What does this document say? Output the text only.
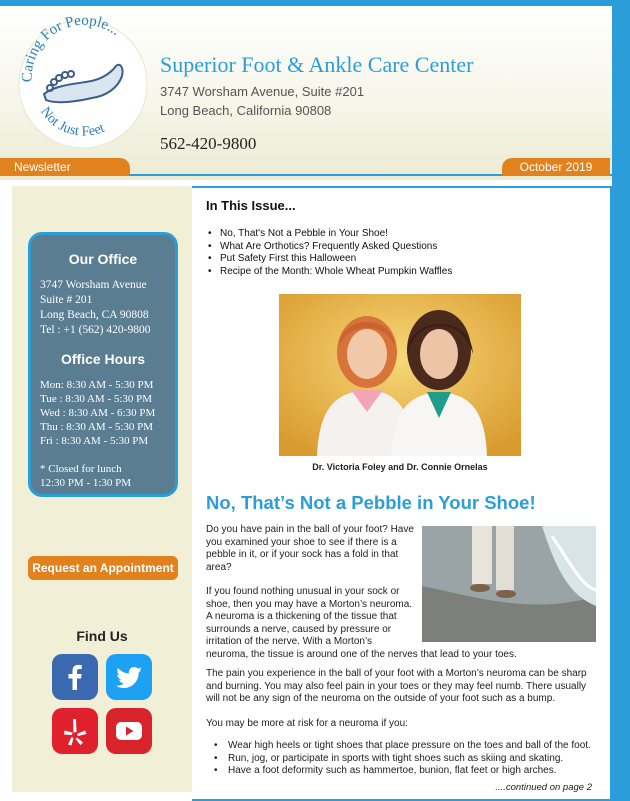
Caring For People...
Not Just Feet
Superior Foot & Ankle Care Center
3747 Worsham Avenue, Suite #201
Long Beach, California 90808
562-420-9800
Newsletter	October 2019
Our Office
3747 Worsham Avenue
Suite # 201
Long Beach, CA 90808
Tel : +1 (562) 420-9800
Office Hours
Mon: 8:30 AM - 5:30 PM
Tue : 8:30 AM - 5:30 PM
Wed : 8:30 AM - 6:30 PM
Thu : 8:30 AM - 5:30 PM
Fri : 8:30 AM - 5:30 PM
* Closed for lunch
12:30 PM - 1:30 PM
Request an Appointment
Find Us
In This Issue...
• No, That's Not a Pebble in Your Shoe!
• What Are Orthotics? Frequently Asked Questions
• Put Safety First this Halloween
• Recipe of the Month: Whole Wheat Pumpkin Waffles
Dr. Victoria Foley and Dr. Connie Ornelas
No, That’s Not a Pebble in Your Shoe!
Do you have pain in the ball of your foot? Have
you examined your shoe to see if there is a
pebble in it, or if your sock has a fold in that
area?
If you found nothing unusual in your sock or
shoe, then you may have a Morton’s neuroma.
A neuroma is a thickening of the tissue that
surrounds a nerve, caused by pressure or
irritation of the nerve. With a Morton’s
neuroma, the tissue is around one of the nerves that lead to your toes.
The pain you experience in the ball of your foot with a Morton’s neuroma can be sharp
and burning. You may also feel pain in your toes or they may feel numb. There usually
will not be any sign of the neuroma on the outside of your foot such as a bump.
You may be more at risk for a neuroma if you:
• Wear high heels or tight shoes that place pressure on the toes and ball of the foot.
• Run, jog, or participate in sports with tight shoes such as skiing and skating.
• Have a foot deformity such as hammertoe, bunion, flat feet or high arches.
....continued on page 2
